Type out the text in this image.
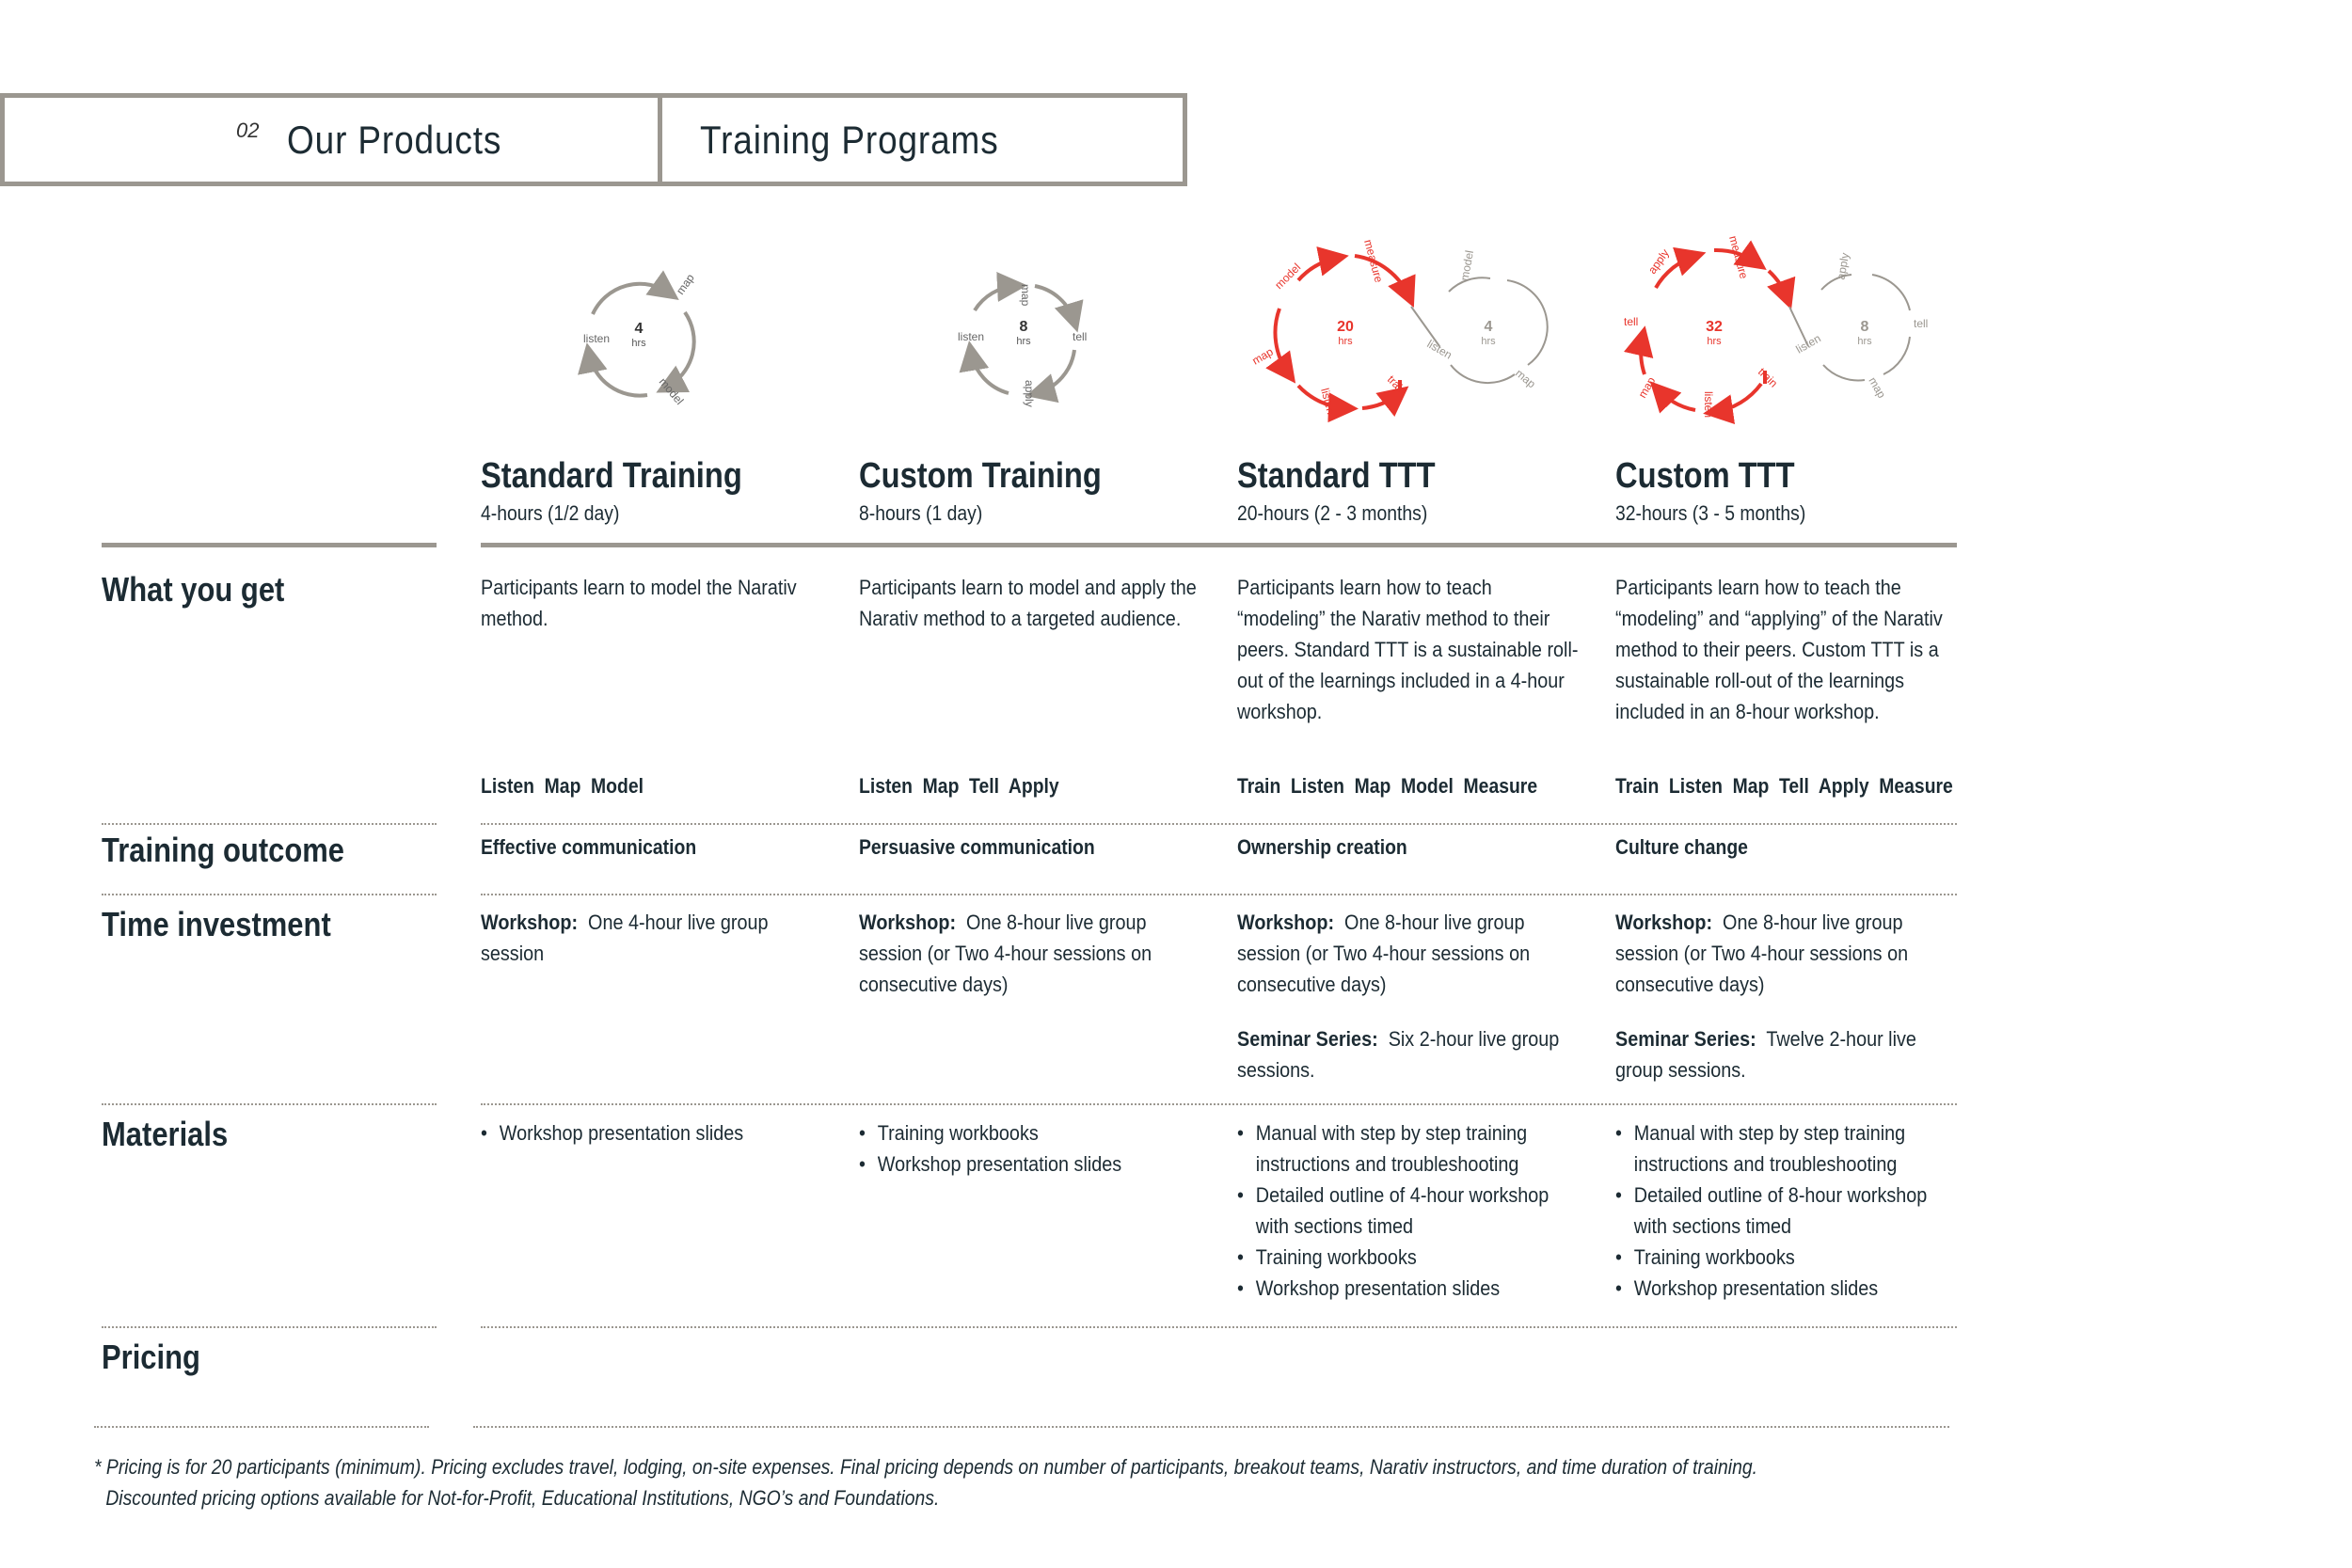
02 Our Products	Training Programs
4
hrs
map
listen
model
8
hrs
map
listen	tell
apply
20
hrs
4
hrs
model	measure
map
listen
train
model
listen
map
32
hrs
8
hrs
apply	measure
tell
map
listen
train
apply
tell
listen
map
Standard Training
4-hours (1/2 day)
Custom Training
8-hours (1 day)
Standard TTT
20-hours (2 - 3 months)
Custom TTT
32-hours (3 - 5 months)
What you get
Training outcome
Time investment
Materials
Pricing
Participants learn to model the Narativ method.
Participants learn to model and apply the Narativ method to a targeted audience.
Participants learn how to teach “modeling” the Narativ method to their peers. Standard TTT is a sustainable roll-out of the learnings included in a 4-hour workshop.
Participants learn how to teach the “modeling” and “applying” of the Narativ method to their peers. Custom TTT is a sustainable roll-out of the learnings included in an 8-hour workshop.
Listen Map Model	Listen Map Tell Apply	Train Listen Map Model Measure	Train Listen Map Tell Apply Measure
Effective communication	Persuasive communication	Ownership creation	Culture change
Workshop: One 4-hour live group session
Workshop: One 8-hour live group session (or Two 4-hour sessions on consecutive days)
Workshop: One 8-hour live group session (or Two 4-hour sessions on consecutive days)
Seminar Series: Six 2-hour live group sessions.
Workshop: One 8-hour live group session (or Two 4-hour sessions on consecutive days)
Seminar Series: Twelve 2-hour live group sessions.
• Workshop presentation slides
•	Training workbooks
• Workshop presentation slides
• Manual with step by step training instructions and troubleshooting
• Detailed outline of 4-hour workshop with sections timed
• Training workbooks
• Workshop presentation slides
• Manual with step by step training instructions and troubleshooting
• Detailed outline of 8-hour workshop with sections timed
• Training workbooks
• Workshop presentation slides
* Pricing is for 20 participants (minimum). Pricing excludes travel, lodging, on-site expenses. Final pricing depends on number of participants, breakout teams, Narativ instructors, and time duration of training.
Discounted pricing options available for Not-for-Profit, Educational Institutions, NGO’s and Foundations.
